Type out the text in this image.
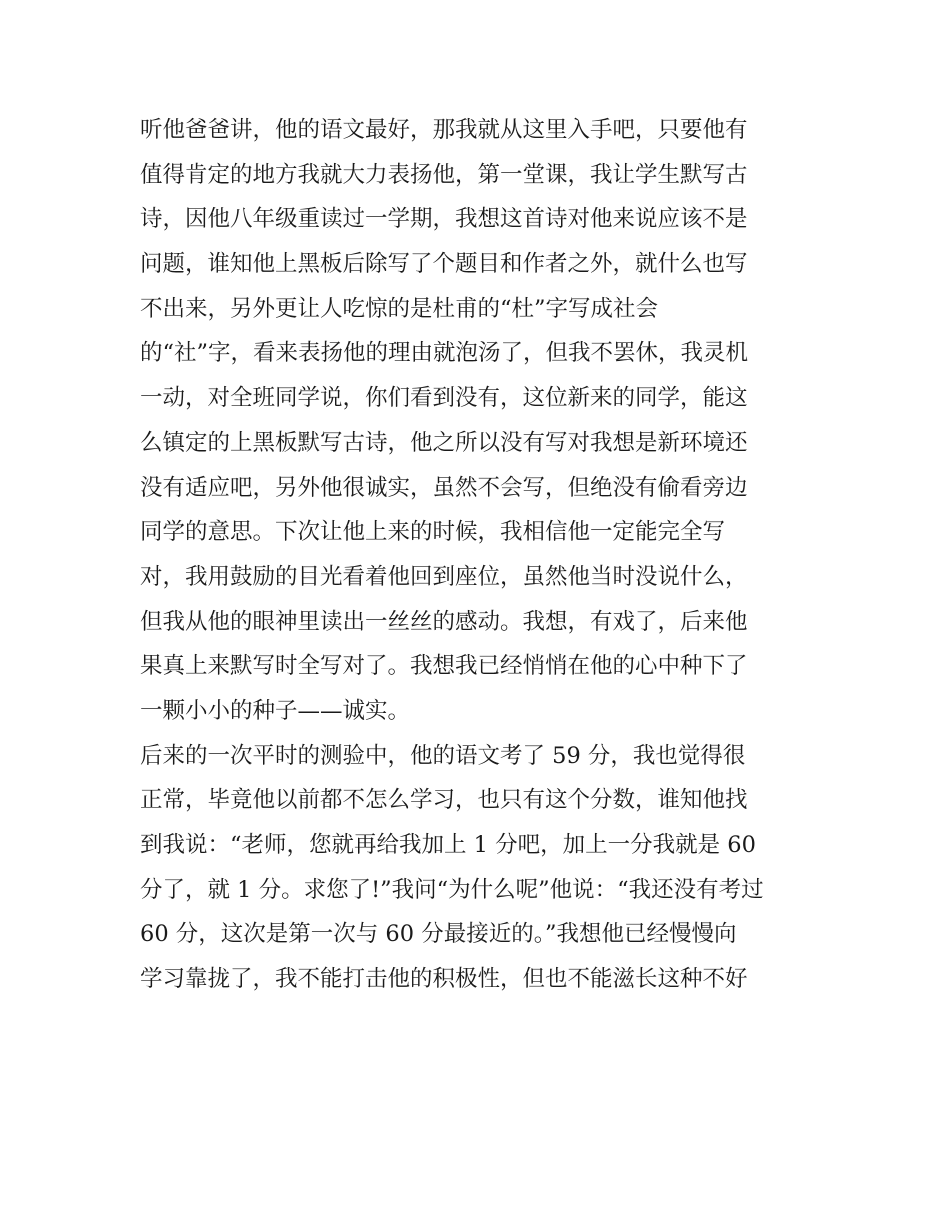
听他爸爸讲，他的语文最好，那我就从这里入手吧，只要他有
值得肯定的地方我就大力表扬他，第一堂课，我让学生默写古
诗，因他八年级重读过一学期，我想这首诗对他来说应该不是
问题，谁知他上黑板后除写了个题目和作者之外，就什么也写
不出来，另外更让人吃惊的是杜甫的“杜”字写成社会
的“社”字，看来表扬他的理由就泡汤了，但我不罢休，我灵机
一动，对全班同学说，你们看到没有，这位新来的同学，能这
么镇定的上黑板默写古诗，他之所以没有写对我想是新环境还
没有适应吧，另外他很诚实，虽然不会写，但绝没有偷看旁边
同学的意思。下次让他上来的时候，我相信他一定能完全写
对，我用鼓励的目光看着他回到座位，虽然他当时没说什么，
但我从他的眼神里读出一丝丝的感动。我想，有戏了，后来他
果真上来默写时全写对了。我想我已经悄悄在他的心中种下了
一颗小小的种子——诚实。
后来的一次平时的测验中，他的语文考了 59 分，我也觉得很
正常，毕竟他以前都不怎么学习，也只有这个分数，谁知他找
到我说：“老师，您就再给我加上 1 分吧，加上一分我就是 60
分了，就 1 分。求您了!”我问“为什么呢”他说：“我还没有考过
60 分，这次是第一次与 60 分最接近的。”我想他已经慢慢向
学习靠拢了，我不能打击他的积极性，但也不能滋长这种不好
